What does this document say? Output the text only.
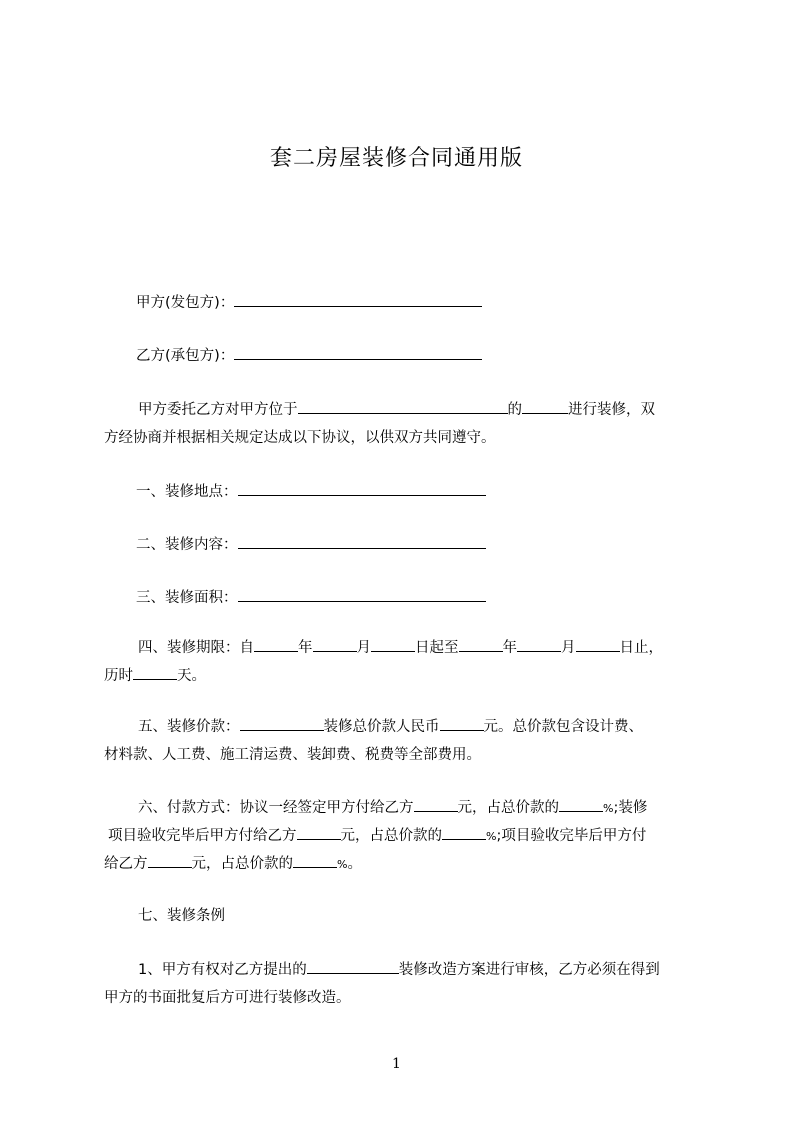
套二房屋装修合同通用版
甲方(发包方)：
乙方(承包方)：
甲方委托乙方对甲方位于	的	进行装修，双
方经协商并根据相关规定达成以下协议，以供双方共同遵守。
一、装修地点：
二、装修内容：
三、装修面积：
四、装修期限：自	年	月	日起至	年	月	日止，
历时	天。
五、装修价款：	装修总价款人民币	元。总价款包含设计费、
材料款、人工费、施工清运费、装卸费、税费等全部费用。
六、付款方式：协议一经签定甲方付给乙方	元，占总价款的	%;装修
项目验收完毕后甲方付给乙方	元，占总价款的	%;项目验收完毕后甲方付
给乙方	元，占总价款的	%。
七、装修条例
1、甲方有权对乙方提出的	装修改造方案进行审核，乙方必须在得到
甲方的书面批复后方可进行装修改造。
1
